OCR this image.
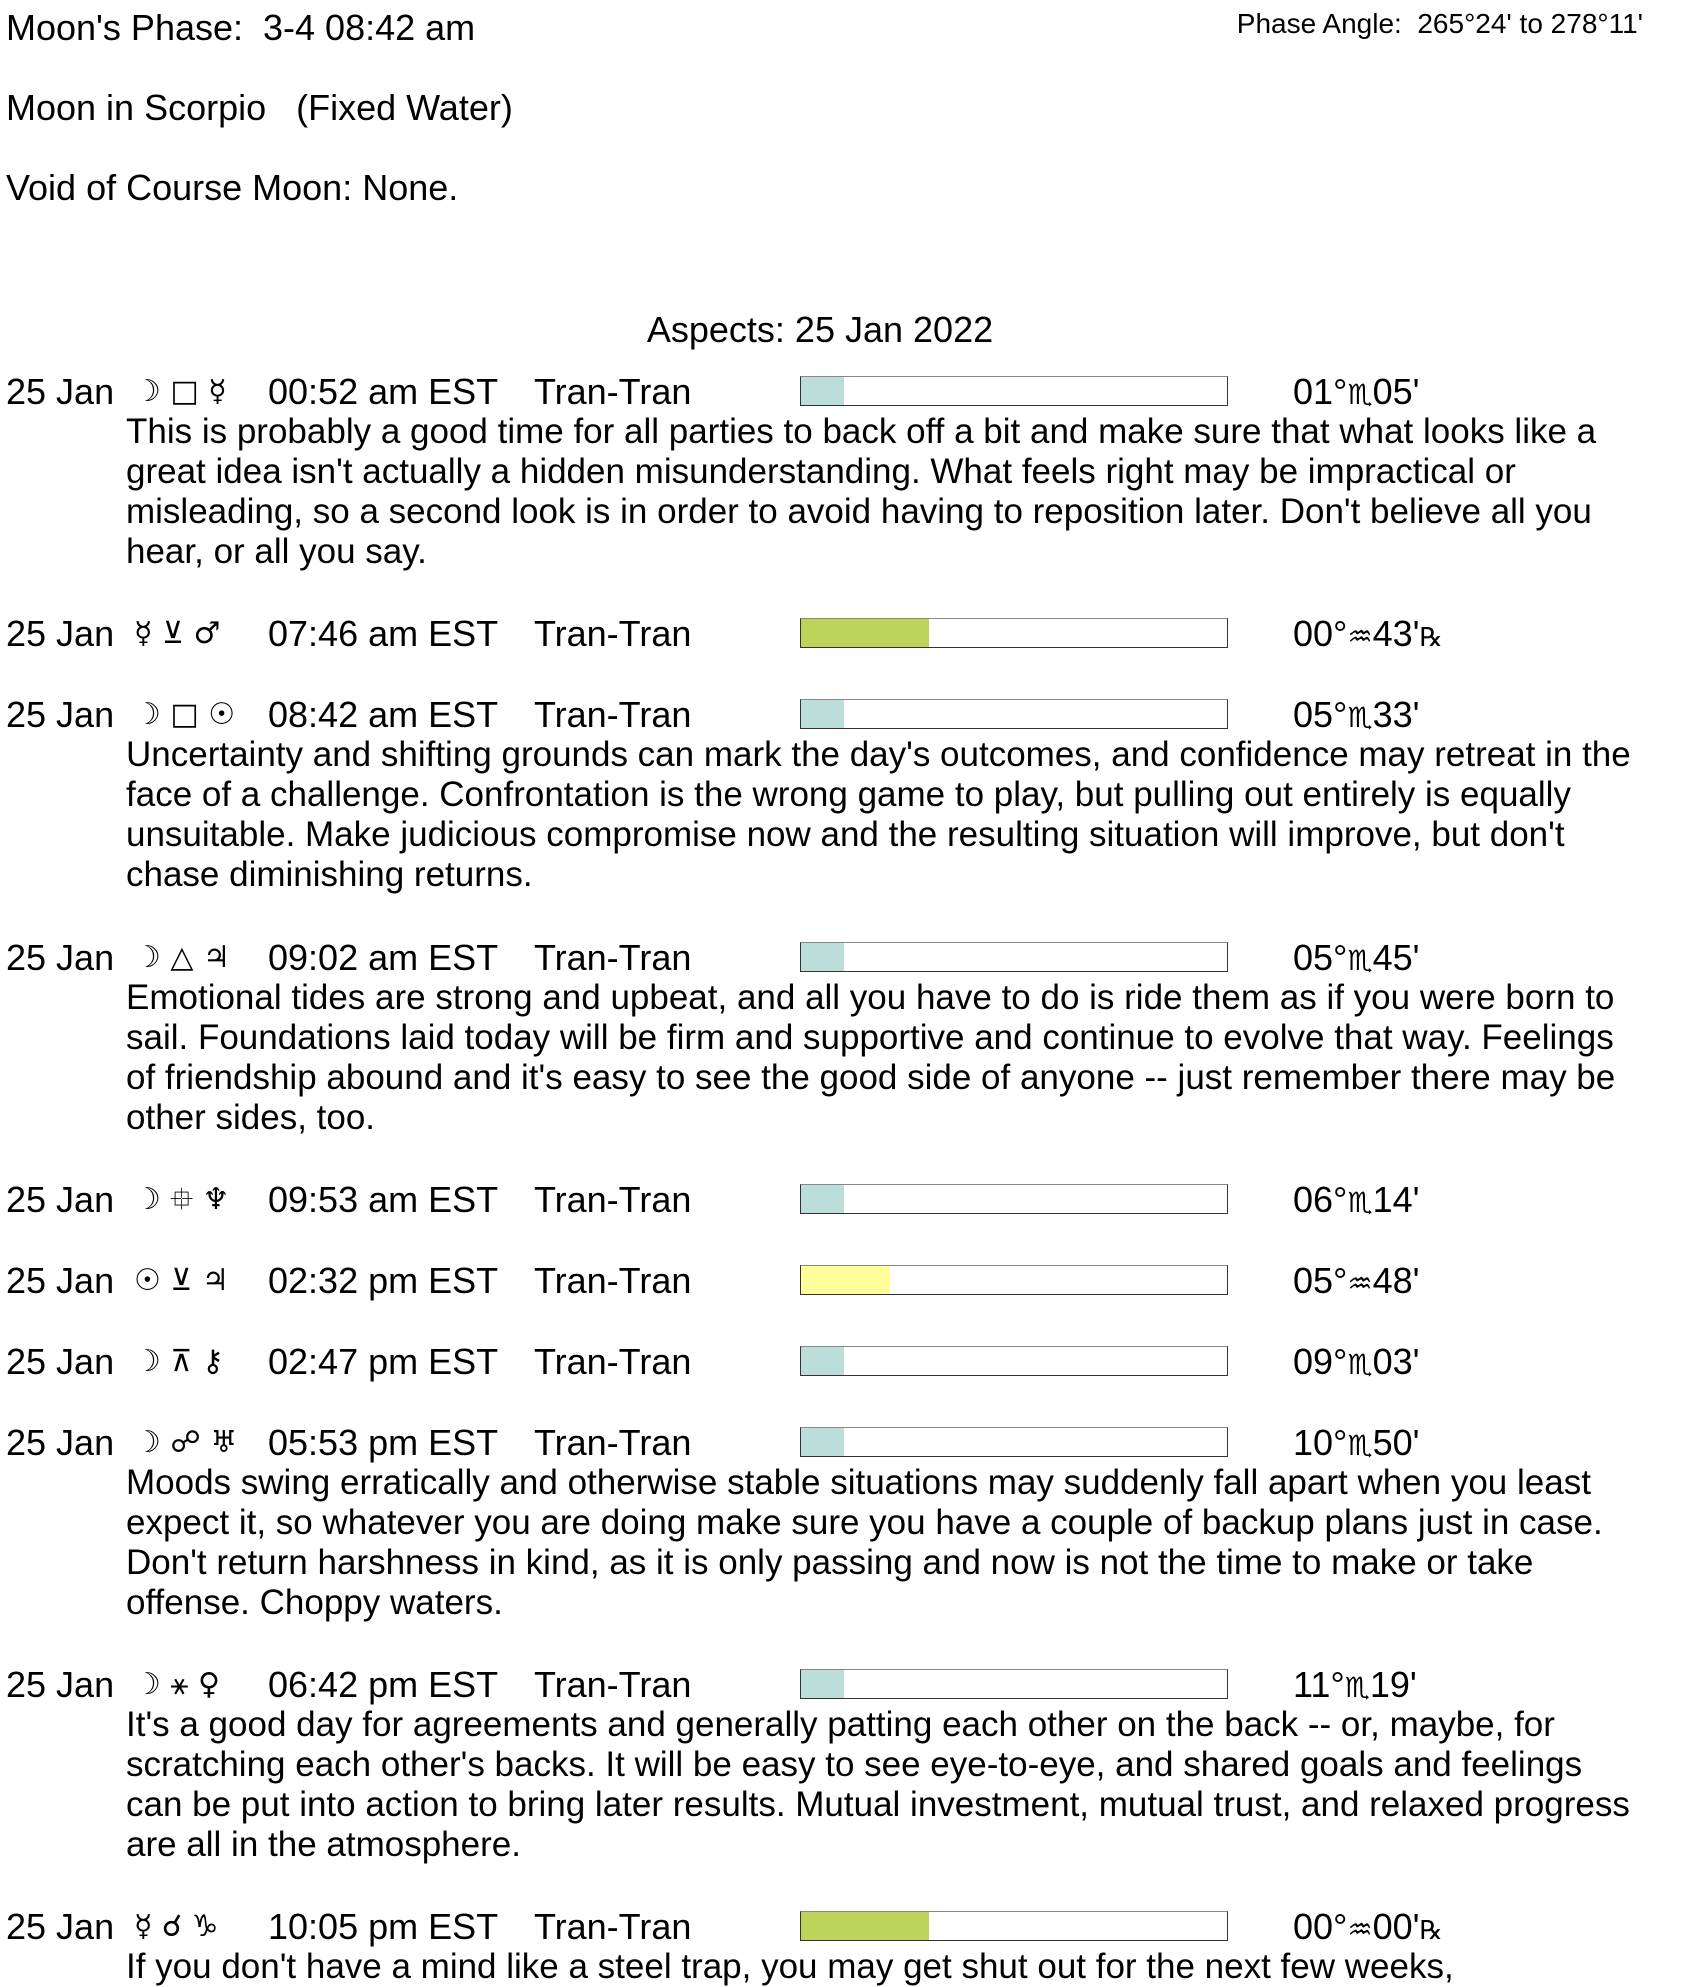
Moon's Phase:  3-4 08:42 am	Phase Angle:  265°24' to 278°11'
Moon in Scorpio   (Fixed Water)
Void of Course Moon: None.
Aspects: 25 Jan 2022
25 Jan ☽ □ ☿ 00:52 am EST Tran-Tran	01°♏05'
This is probably a good time for all parties to back off a bit and make sure that what looks like a great idea isn't actually a hidden misunderstanding. What feels right may be impractical or misleading, so a second look is in order to avoid having to reposition later. Don't believe all you hear, or all you say.
25 Jan ☿ ⊻ ♂ 07:46 am EST Tran-Tran	00°♒43'℞
25 Jan ☽ □ ☉ 08:42 am EST Tran-Tran	05°♏33'
Uncertainty and shifting grounds can mark the day's outcomes, and confidence may retreat in the face of a challenge. Confrontation is the wrong game to play, but pulling out entirely is equally unsuitable. Make judicious compromise now and the resulting situation will improve, but don't chase diminishing returns.
25 Jan ☽ △ ♃ 09:02 am EST Tran-Tran	05°♏45'
Emotional tides are strong and upbeat, and all you have to do is ride them as if you were born to sail. Foundations laid today will be firm and supportive and continue to evolve that way. Feelings of friendship abound and it's easy to see the good side of anyone -- just remember there may be other sides, too.
25 Jan ☽ ⯐ ♆ 09:53 am EST Tran-Tran	06°♏14'
25 Jan ☉ ⊻ ♃ 02:32 pm EST Tran-Tran	05°♒48'
25 Jan ☽ ⊼ ⚷ 02:47 pm EST Tran-Tran	09°♏03'
25 Jan ☽ ☍ ♅ 05:53 pm EST Tran-Tran	10°♏50'
Moods swing erratically and otherwise stable situations may suddenly fall apart when you least expect it, so whatever you are doing make sure you have a couple of backup plans just in case. Don't return harshness in kind, as it is only passing and now is not the time to make or take offense. Choppy waters.
25 Jan ☽ ⚹ ♀ 06:42 pm EST Tran-Tran	11°♏19'
It's a good day for agreements and generally patting each other on the back -- or, maybe, for scratching each other's backs. It will be easy to see eye-to-eye, and shared goals and feelings can be put into action to bring later results. Mutual investment, mutual trust, and relaxed progress are all in the atmosphere.
25 Jan ☿ ☌ ♑ 10:05 pm EST Tran-Tran	00°♒00'℞
If you don't have a mind like a steel trap, you may get shut out for the next few weeks,
